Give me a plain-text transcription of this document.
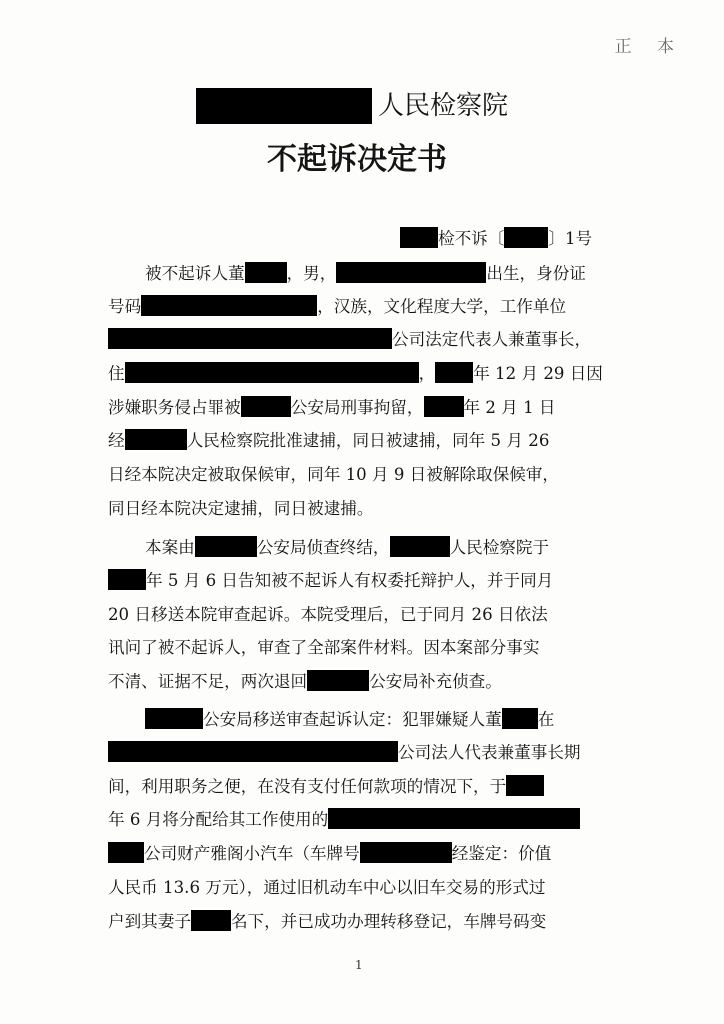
正 本
人民检察院
不起诉决定书
检不诉〔	〕1号
被不起诉人董	，男，	出生，身份证
号码	，汉族，文化程度大学，工作单位
公司法定代表人兼董事长，
住	， 年 12 月 29 日因
涉嫌职务侵占罪被	公安局刑事拘留， 年 2 月 1 日
经	人民检察院批准逮捕，同日被逮捕，同年 5 月 26
日经本院决定被取保候审，同年 10 月 9 日被解除取保候审，
同日经本院决定逮捕，同日被逮捕。
本案由	公安局侦查终结，	人民检察院于
年 5 月 6 日告知被不起诉人有权委托辩护人，并于同月
20 日移送本院审查起诉。本院受理后，已于同月 26 日依法
讯问了被不起诉人，审查了全部案件材料。因本案部分事实
不清、证据不足，两次退回	公安局补充侦查。
公安局移送审查起诉认定：犯罪嫌疑人董 在
公司法人代表兼董事长期
间，利用职务之便，在没有支付任何款项的情况下，于
年 6 月将分配给其工作使用的
公司财产雅阁小汽车（车牌号	经鉴定：价值
人民币 13.6 万元），通过旧机动车中心以旧车交易的形式过
户到其妻子 名下，并已成功办理转移登记，车牌号码变
1
